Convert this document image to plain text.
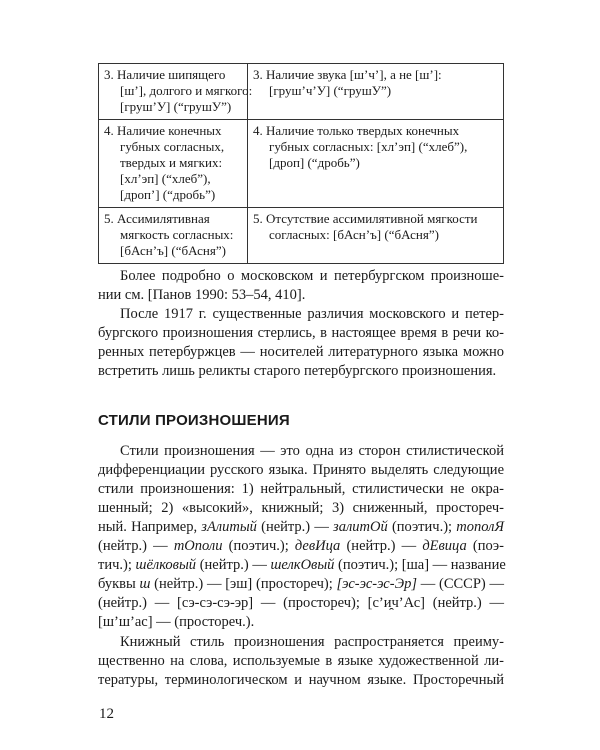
3. Наличие шипящего
[ш’], долгого и мягкого:
[груш’У] (“грушУ”)	3. Наличие звука [ш’ч’], а не [ш’]:
[груш’ч’У] (“грушУ”)

4. Наличие конечных
губных согласных,
твердых и мягких:
[хл’эп] (“хлеб”),
[дроп’] (“дробь”)	4. Наличие только твердых конечных
губных согласных: [хл’эп] (“хлеб”),
[дроп] (“дробь”)

5. Ассимилятивная
мягкость согласных:
[бАсн’ъ] (“бАсня”)	5. Отсутствие ассимилятивной мягкости
согласных: [бАсн’ъ] (“бАсня”)
Более подробно о московском и петербургском произноше-
нии см. [Панов 1990: 53–54, 410].
После 1917 г. существенные различия московского и петер-
бургского произношения стерлись, в настоящее время в речи ко-
ренных петербуржцев — носителей литературного языка можно
встретить лишь реликты старого петербургского произношения.
СТИЛИ ПРОИЗНОШЕНИЯ
Стили произношения — это одна из сторон стилистической
дифференциации русского языка. Принято выделять следующие
стили произношения: 1) нейтральный, стилистически не окра-
шенный; 2) «высокий», книжный; 3) сниженный, простореч-
ный. Например, зАлитый (нейтр.) — залитОй (поэтич.); тополЯ
(нейтр.) — тОполи (поэтич.); девИца (нейтр.) — дЕвица (поэ-
тич.); шёлковый (нейтр.) — шелкОвый (поэтич.); [ша] — название
буквы ш (нейтр.) — [эш] (простореч); [эс-эс-эс-Эр] — (СССР) —
(нейтр.) — [сэ-сэ-сэ-эр] — (простореч); [с’и̯ч’Ас] (нейтр.) —
[ш’ш’ас] — (простореч.).
Книжный стиль произношения распространяется преиму-
щественно на слова, используемые в языке художественной ли-
тературы, терминологическом и научном языке. Просторечный
12
